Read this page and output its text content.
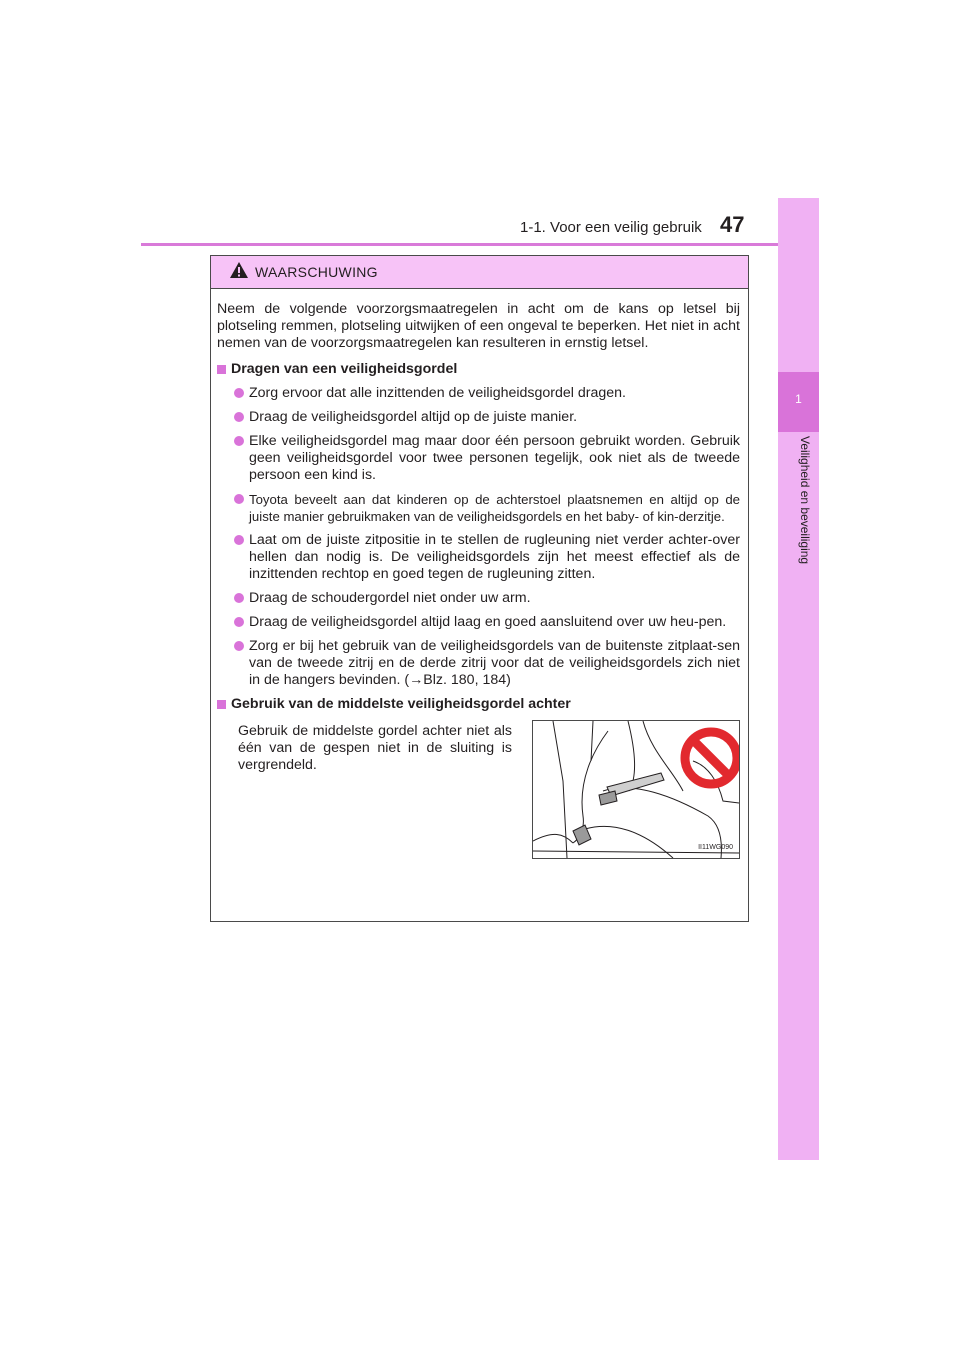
1-1. Voor een veilig gebruik 47
1
Veiligheid en beveiliging
WAARSCHUWING

Neem de volgende voorzorgsmaatregelen in acht om de kans op letsel bij plotseling remmen, plotseling uitwijken of een ongeval te beperken. Het niet in acht nemen van de voorzorgsmaatregelen kan resulteren in ernstig letsel.

Dragen van een veiligheidsgordel
Zorg ervoor dat alle inzittenden de veiligheidsgordel dragen.
Draag de veiligheidsgordel altijd op de juiste manier.
Elke veiligheidsgordel mag maar door één persoon gebruikt worden. Gebruik geen veiligheidsgordel voor twee personen tegelijk, ook niet als de tweede persoon een kind is.
Toyota beveelt aan dat kinderen op de achterstoel plaatsnemen en altijd op de juiste manier gebruikmaken van de veiligheidsgordels en het baby- of kin-derzitje.
Laat om de juiste zitpositie in te stellen de rugleuning niet verder achter-over hellen dan nodig is. De veiligheidsgordels zijn het meest effectief als de inzittenden rechtop en goed tegen de rugleuning zitten.
Draag de schoudergordel niet onder uw arm.
Draag de veiligheidsgordel altijd laag en goed aansluitend over uw heu-pen.
Zorg er bij het gebruik van de veiligheidsgordels van de buitenste zitplaat-sen van de tweede zitrij en de derde zitrij voor dat de veiligheidsgordels zich niet in de hangers bevinden. (→Blz. 180, 184)
Gebruik van de middelste veiligheidsgordel achter
Gebruik de middelste gordel achter niet als één van de gespen niet in de sluiting is vergrendeld.
II11WG090
